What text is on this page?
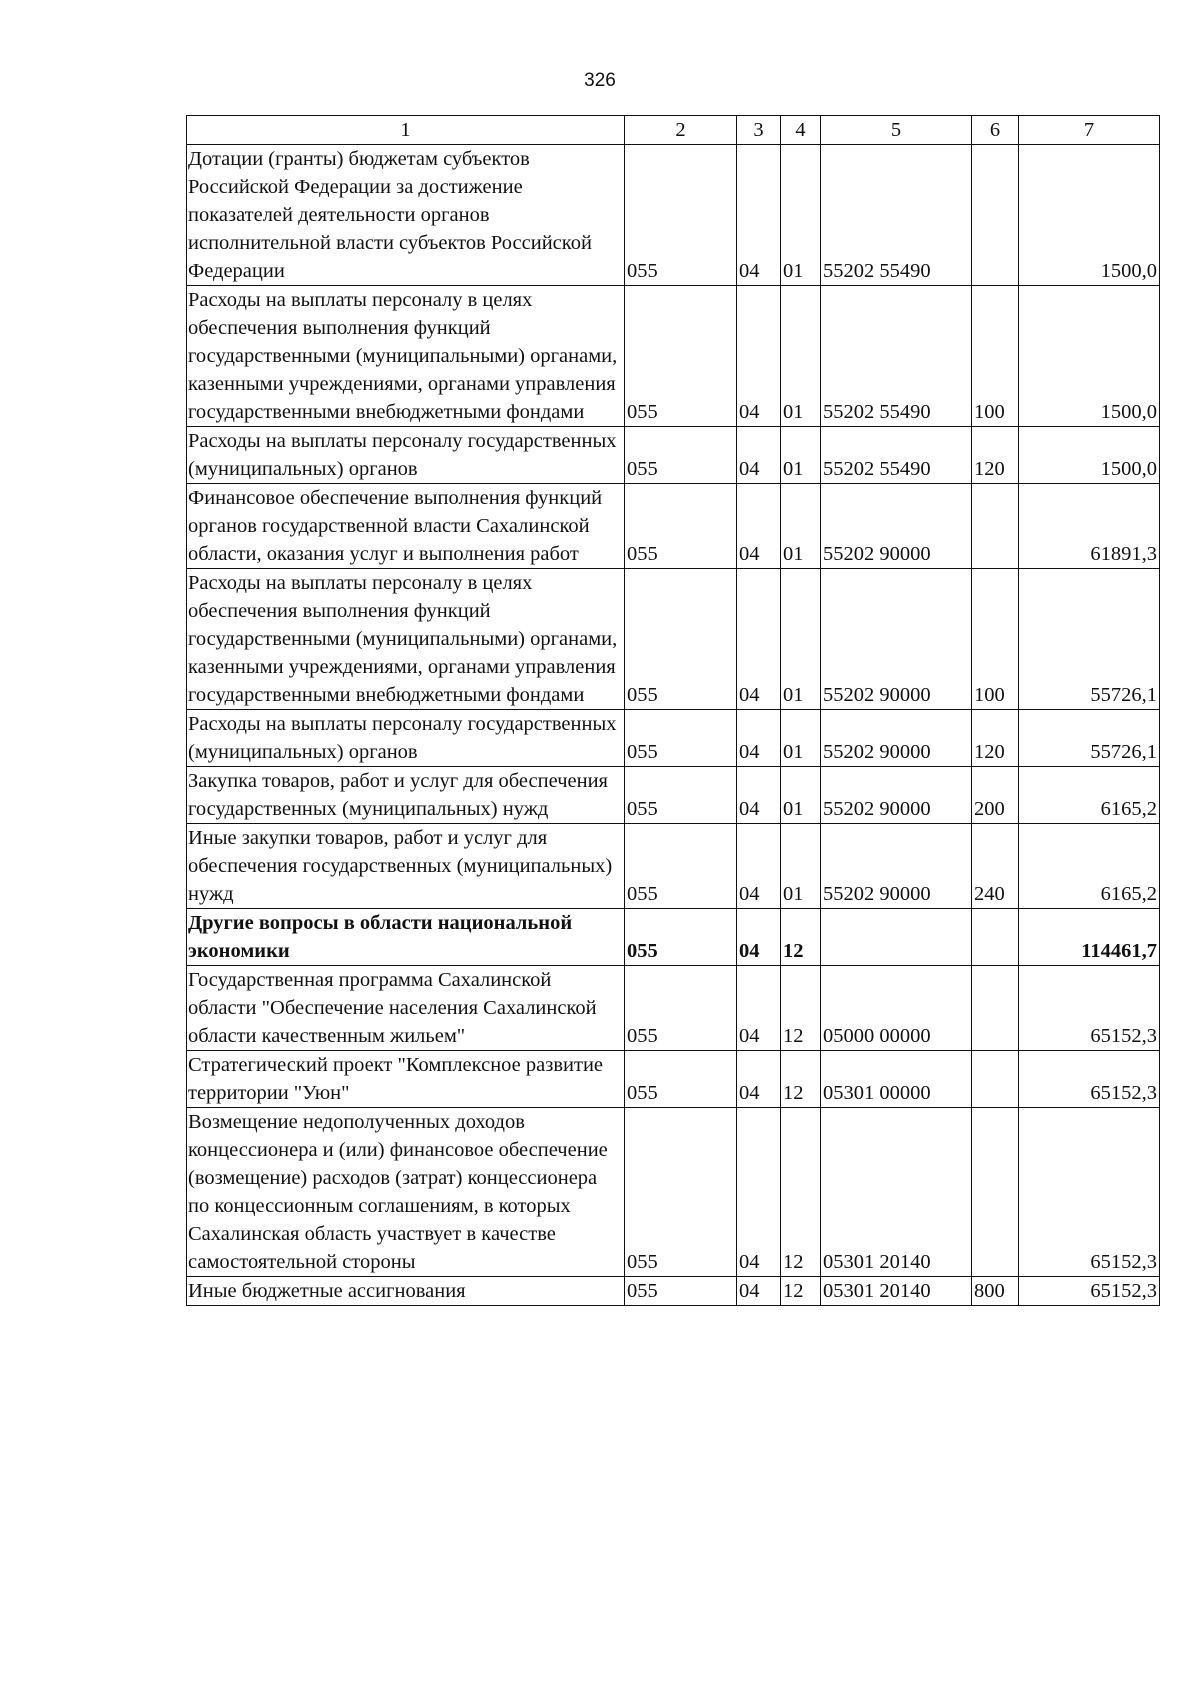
326
1	2	3	4	5	6	7
Дотации (гранты) бюджетам субъектов Российской Федерации за достижение показателей деятельности органов исполнительной власти субъектов Российской Федерации	055	04	01	55202 55490		1500,0
Расходы на выплаты персоналу в целях обеспечения выполнения функций государственными (муниципальными) органами, казенными учреждениями, органами управления государственными внебюджетными фондами	055	04	01	55202 55490	100	1500,0
Расходы на выплаты персоналу государственных (муниципальных) органов	055	04	01	55202 55490	120	1500,0
Финансовое обеспечение выполнения функций органов государственной власти Сахалинской области, оказания услуг и выполнения работ	055	04	01	55202 90000		61891,3
Расходы на выплаты персоналу в целях обеспечения выполнения функций государственными (муниципальными) органами, казенными учреждениями, органами управления государственными внебюджетными фондами	055	04	01	55202 90000	100	55726,1
Расходы на выплаты персоналу государственных (муниципальных) органов	055	04	01	55202 90000	120	55726,1
Закупка товаров, работ и услуг для обеспечения государственных (муниципальных) нужд	055	04	01	55202 90000	200	6165,2
Иные закупки товаров, работ и услуг для обеспечения государственных (муниципальных) нужд	055	04	01	55202 90000	240	6165,2
Другие вопросы в области национальной экономики	055	04	12			114461,7
Государственная программа Сахалинской области "Обеспечение населения Сахалинской области качественным жильем"	055	04	12	05000 00000		65152,3
Стратегический проект "Комплексное развитие территории "Уюн"	055	04	12	05301 00000		65152,3
Возмещение недополученных доходов концессионера и (или) финансовое обеспечение (возмещение) расходов (затрат) концессионера по концессионным соглашениям, в которых Сахалинская область участвует в качестве самостоятельной стороны	055	04	12	05301 20140		65152,3
Иные бюджетные ассигнования	055	04	12	05301 20140	800	65152,3
